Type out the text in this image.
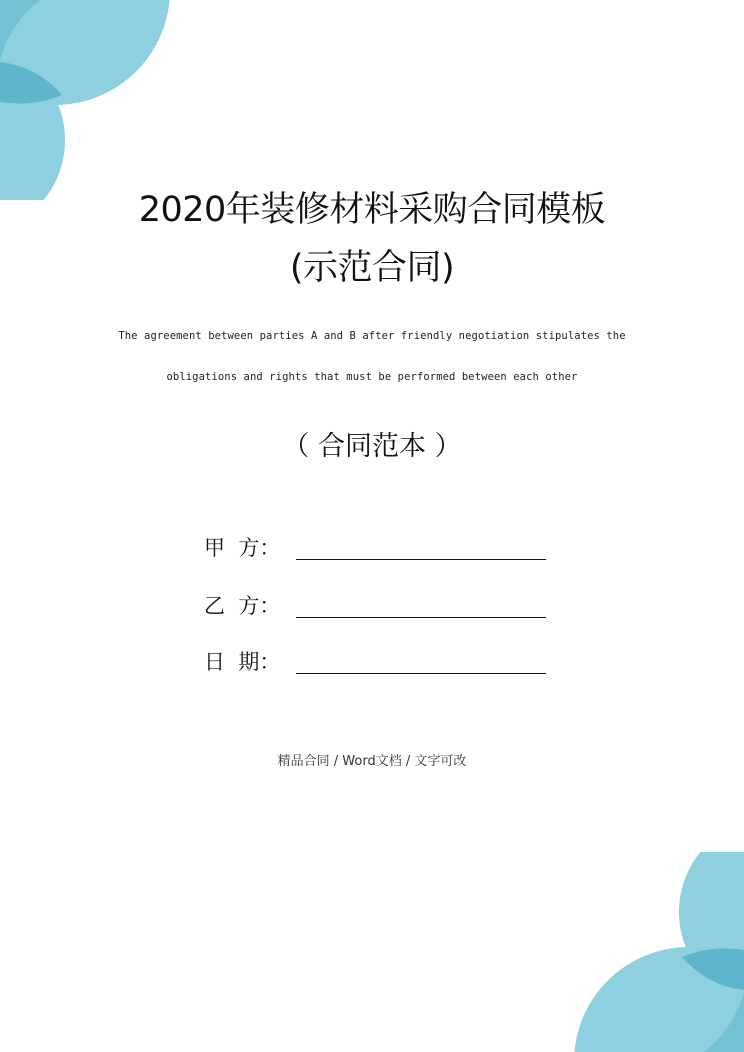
2020年装修材料采购合同模板
(示范合同)
The agreement between parties A and B after friendly negotiation stipulates the
obligations and rights that must be performed between each other
（ 合同范本 ）
甲  方：
乙  方：
日  期：
精品合同 / Word文档 / 文字可改
